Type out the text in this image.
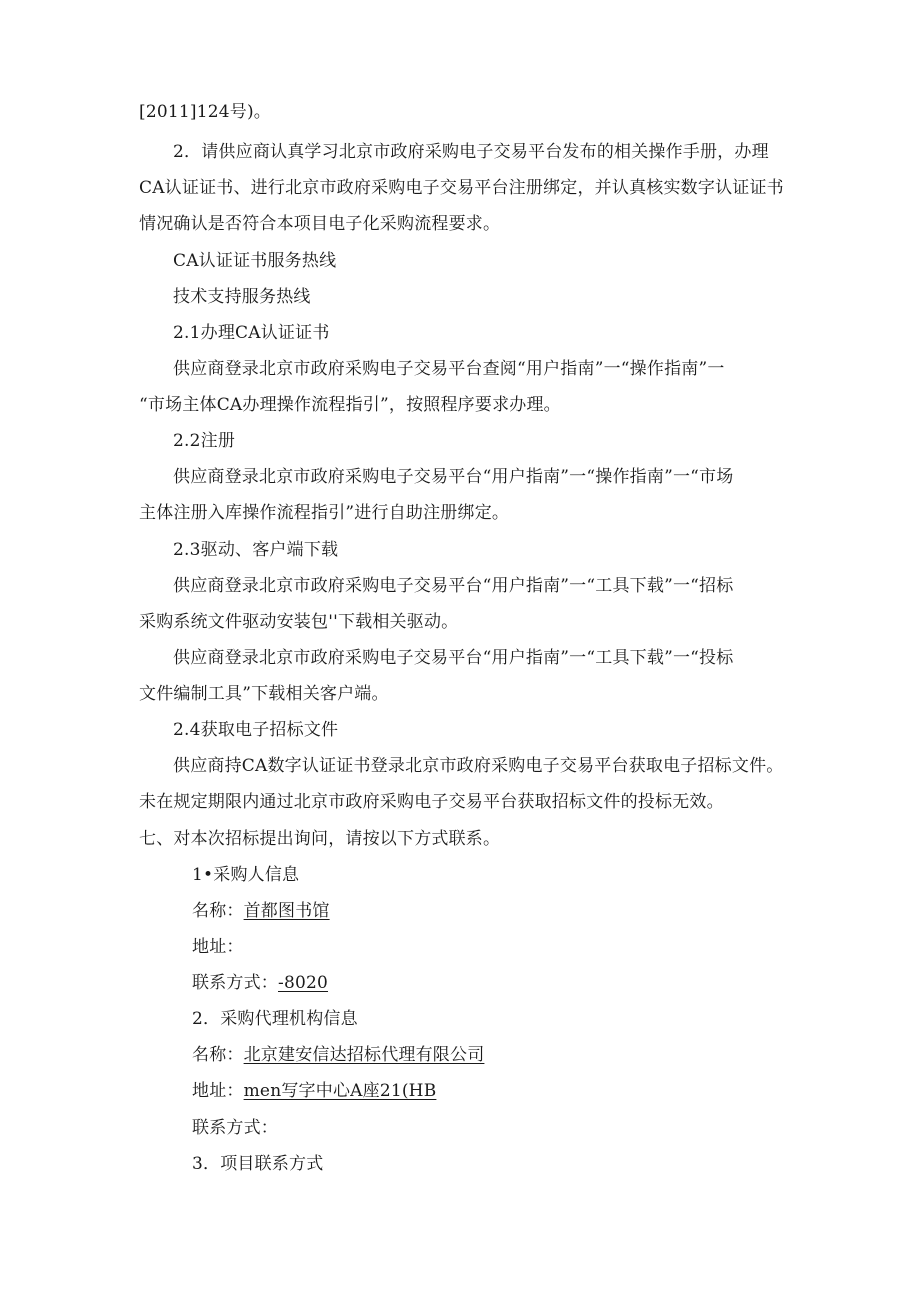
[2011]124号)。
2．请供应商认真学习北京市政府采购电子交易平台发布的相关操作手册，办理
CA认证证书、进行北京市政府采购电子交易平台注册绑定，并认真核实数字认证证书
情况确认是否符合本项目电子化采购流程要求。
CA认证证书服务热线
技术支持服务热线
2.1办理CA认证证书
供应商登录北京市政府采购电子交易平台查阅“用户指南”一“操作指南”一
“市场主体CA办理操作流程指引”，按照程序要求办理。
2.2注册
供应商登录北京市政府采购电子交易平台“用户指南”一“操作指南”一“市场
主体注册入库操作流程指引”进行自助注册绑定。
2.3驱动、客户端下载
供应商登录北京市政府采购电子交易平台“用户指南”一“工具下载”一“招标
采购系统文件驱动安装包''下载相关驱动。
供应商登录北京市政府采购电子交易平台“用户指南”一“工具下载”一“投标
文件编制工具”下载相关客户端。
2.4获取电子招标文件
供应商持CA数字认证证书登录北京市政府采购电子交易平台获取电子招标文件。
未在规定期限内通过北京市政府采购电子交易平台获取招标文件的投标无效。
七、对本次招标提出询问，请按以下方式联系。
1•采购人信息
名称：首都图书馆
地址：
联系方式：-8020
2．采购代理机构信息
名称：北京建安信达招标代理有限公司
地址：men写字中心A座21(HB
联系方式：
3．项目联系方式
